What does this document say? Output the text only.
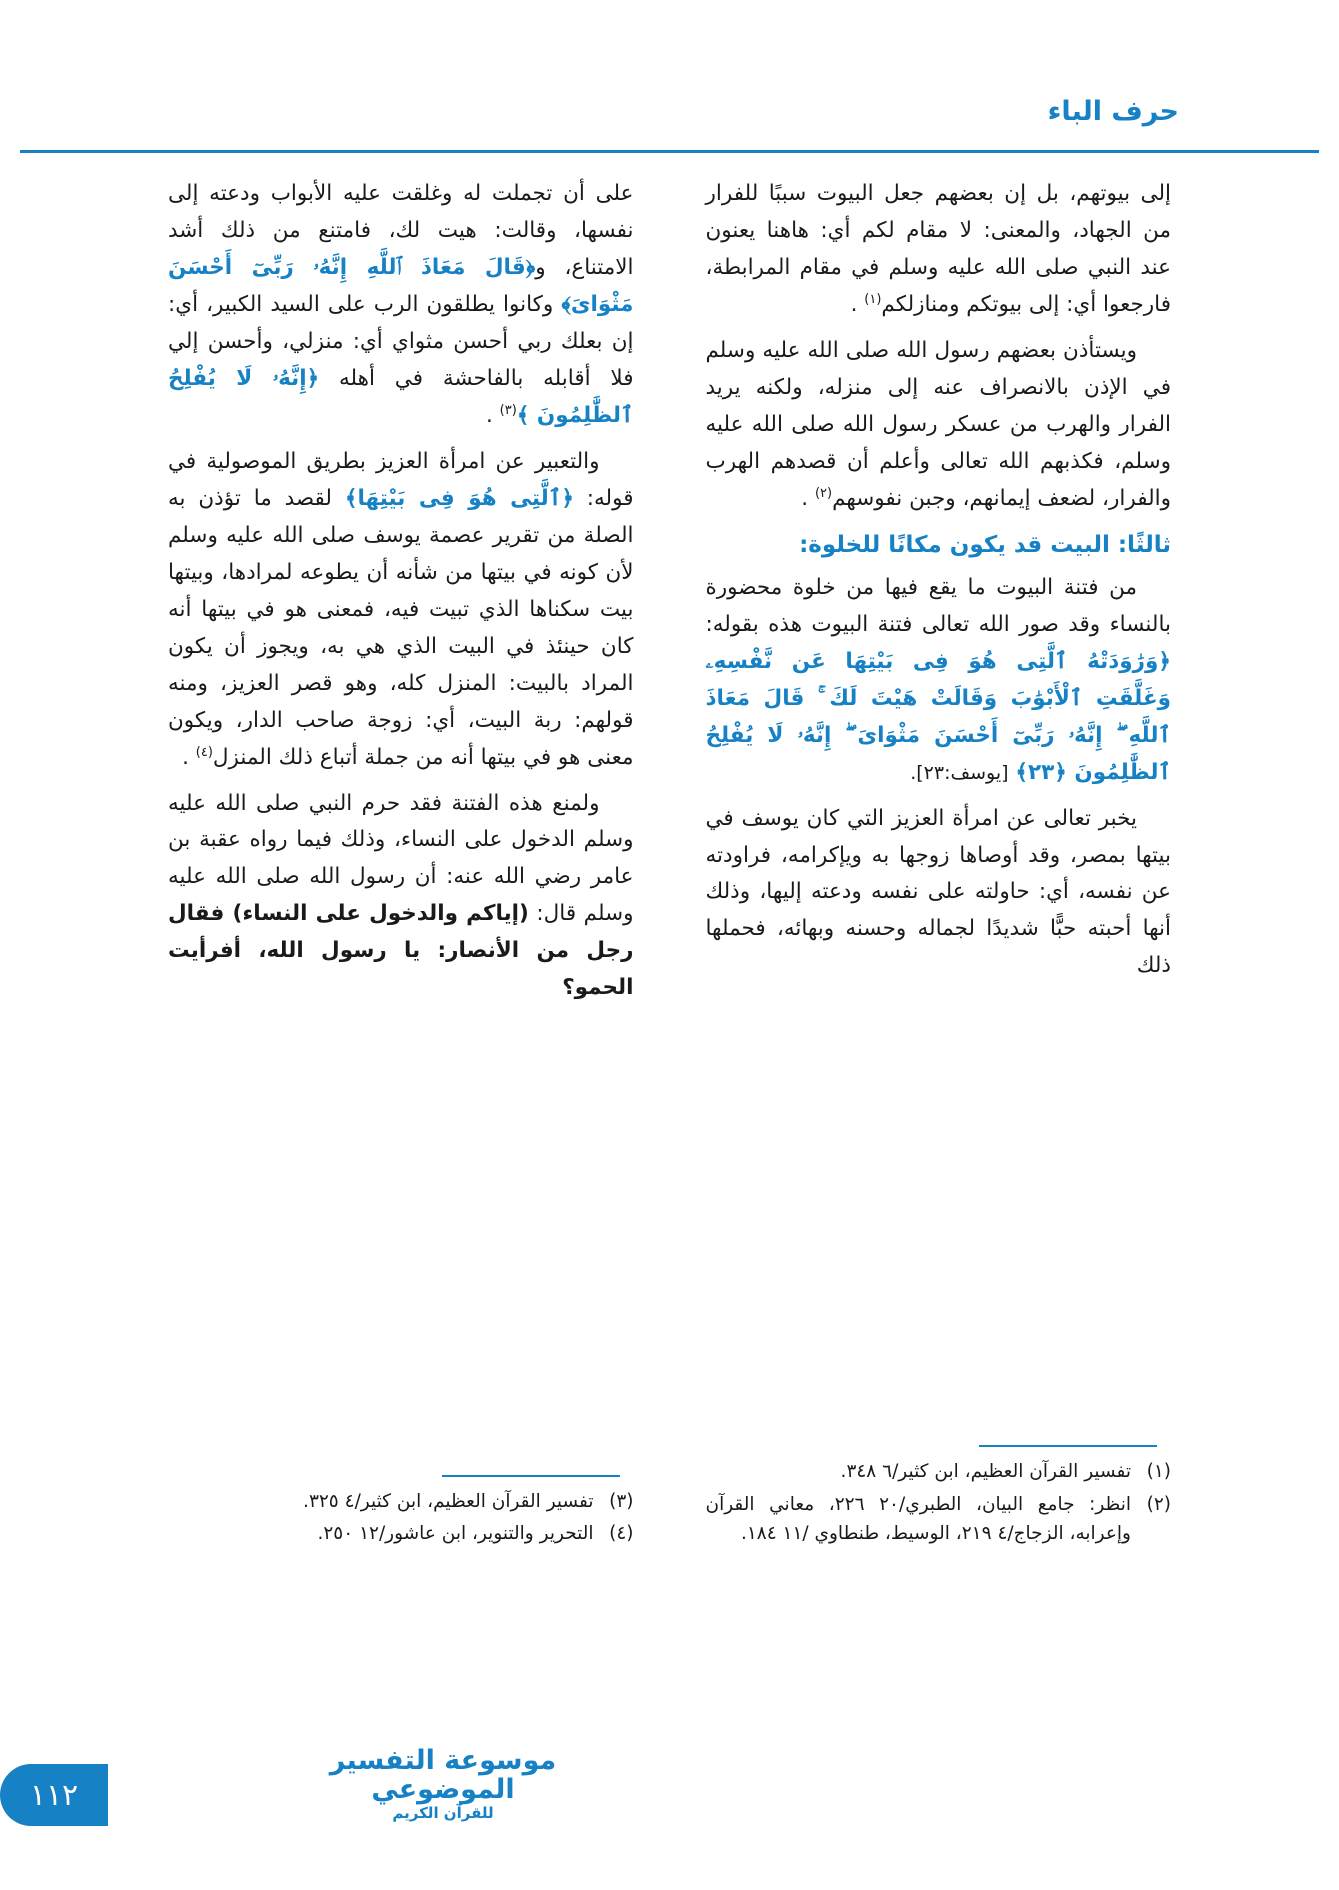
حرف الباء

إلى بيوتهم، بل إن بعضهم جعل البيوت سببًا للفرار من الجهاد، والمعنى: لا مقام لكم أي: هاهنا يعنون عند النبي صلى الله عليه وسلم في مقام المرابطة، فارجعوا أي: إلى بيوتكم ومنازلكم$^{(١)}$ .

ويستأذن بعضهم رسول الله صلى الله عليه وسلم في الإذن بالانصراف عنه إلى منزله، ولكنه يريد الفرار والهرب من عسكر رسول الله صلى الله عليه وسلم، فكذبهم الله تعالى وأعلم أن قصدهم الهرب والفرار، لضعف إيمانهم، وجبن نفوسهم$^{(٢)}$ .

ثالثًا: البيت قد يكون مكانًا للخلوة:

من فتنة البيوت ما يقع فيها من خلوة محضورة بالنساء وقد صور الله تعالى فتنة البيوت هذه بقوله: ﴿وَرَٰوَدَتْهُ ٱلَّتِى هُوَ فِى بَيْتِهَا عَن نَّفْسِهِۦ وَغَلَّقَتِ ٱلْأَبْوَٰبَ وَقَالَتْ هَيْتَ لَكَ ۚ قَالَ مَعَاذَ ٱللَّهِ ۖ إِنَّهُۥ رَبِّىٓ أَحْسَنَ مَثْوَاىَ ۖ إِنَّهُۥ لَا يُفْلِحُ ٱلظَّٰلِمُونَ ﴿٢٣﴾ [يوسف:٢٣].

يخبر تعالى عن امرأة العزيز التي كان يوسف في بيتها بمصر، وقد أوصاها زوجها به ويإكرامه، فراودته عن نفسه، أي: حاولته على نفسه ودعته إليها، وذلك أنها أحبته حبًّا شديدًا لجماله وحسنه وبهائه، فحملها ذلك

(١)
تفسير القرآن العظيم، ابن كثير/٦ ٣٤٨.
(٢)
انظر: جامع البيان، الطبري/٢٠ ٢٢٦، معاني القرآن وإعرابه، الزجاج/٤ ٢١٩، الوسيط، طنطاوي /١١ ١٨٤.

على أن تجملت له وغلقت عليه الأبواب ودعته إلى نفسها، وقالت: هيت لك، فامتنع من ذلك أشد الامتناع، و﴿قَالَ مَعَاذَ ٱللَّهِ إِنَّهُۥ رَبِّىٓ أَحْسَنَ مَثْوَاىَ﴾ وكانوا يطلقون الرب على السيد الكبير، أي: إن بعلك ربي أحسن مثواي أي: منزلي، وأحسن إلي فلا أقابله بالفاحشة في أهله ﴿إِنَّهُۥ لَا يُفْلِحُ ٱلظَّٰلِمُونَ ﴾$^{(٣)}$ .

والتعبير عن امرأة العزيز بطريق الموصولية في قوله: ﴿ٱلَّتِى هُوَ فِى بَيْتِهَا﴾ لقصد ما تؤذن به الصلة من تقرير عصمة يوسف صلى الله عليه وسلم لأن كونه في بيتها من شأنه أن يطوعه لمرادها، وبيتها بيت سكناها الذي تبيت فيه، فمعنى هو في بيتها أنه كان حينئذ في البيت الذي هي به، ويجوز أن يكون المراد بالبيت: المنزل كله، وهو قصر العزيز، ومنه قولهم: ربة البيت، أي: زوجة صاحب الدار، ويكون معنى هو في بيتها أنه من جملة أتباع ذلك المنزل$^{(٤)}$ .

ولمنع هذه الفتنة فقد حرم النبي صلى الله عليه وسلم الدخول على النساء، وذلك فيما رواه عقبة بن عامر رضي الله عنه: أن رسول الله صلى الله عليه وسلم قال: (إياكم والدخول على النساء) فقال رجل من الأنصار: يا رسول الله، أفرأيت الحمو؟

(٣)
تفسير القرآن العظيم، ابن كثير/٤ ٣٢٥.
(٤)
التحرير والتنوير، ابن عاشور/١٢ ٢٥٠.
موسوعة التفسير الموضوعي
للقرآن الكريم
١١٢
